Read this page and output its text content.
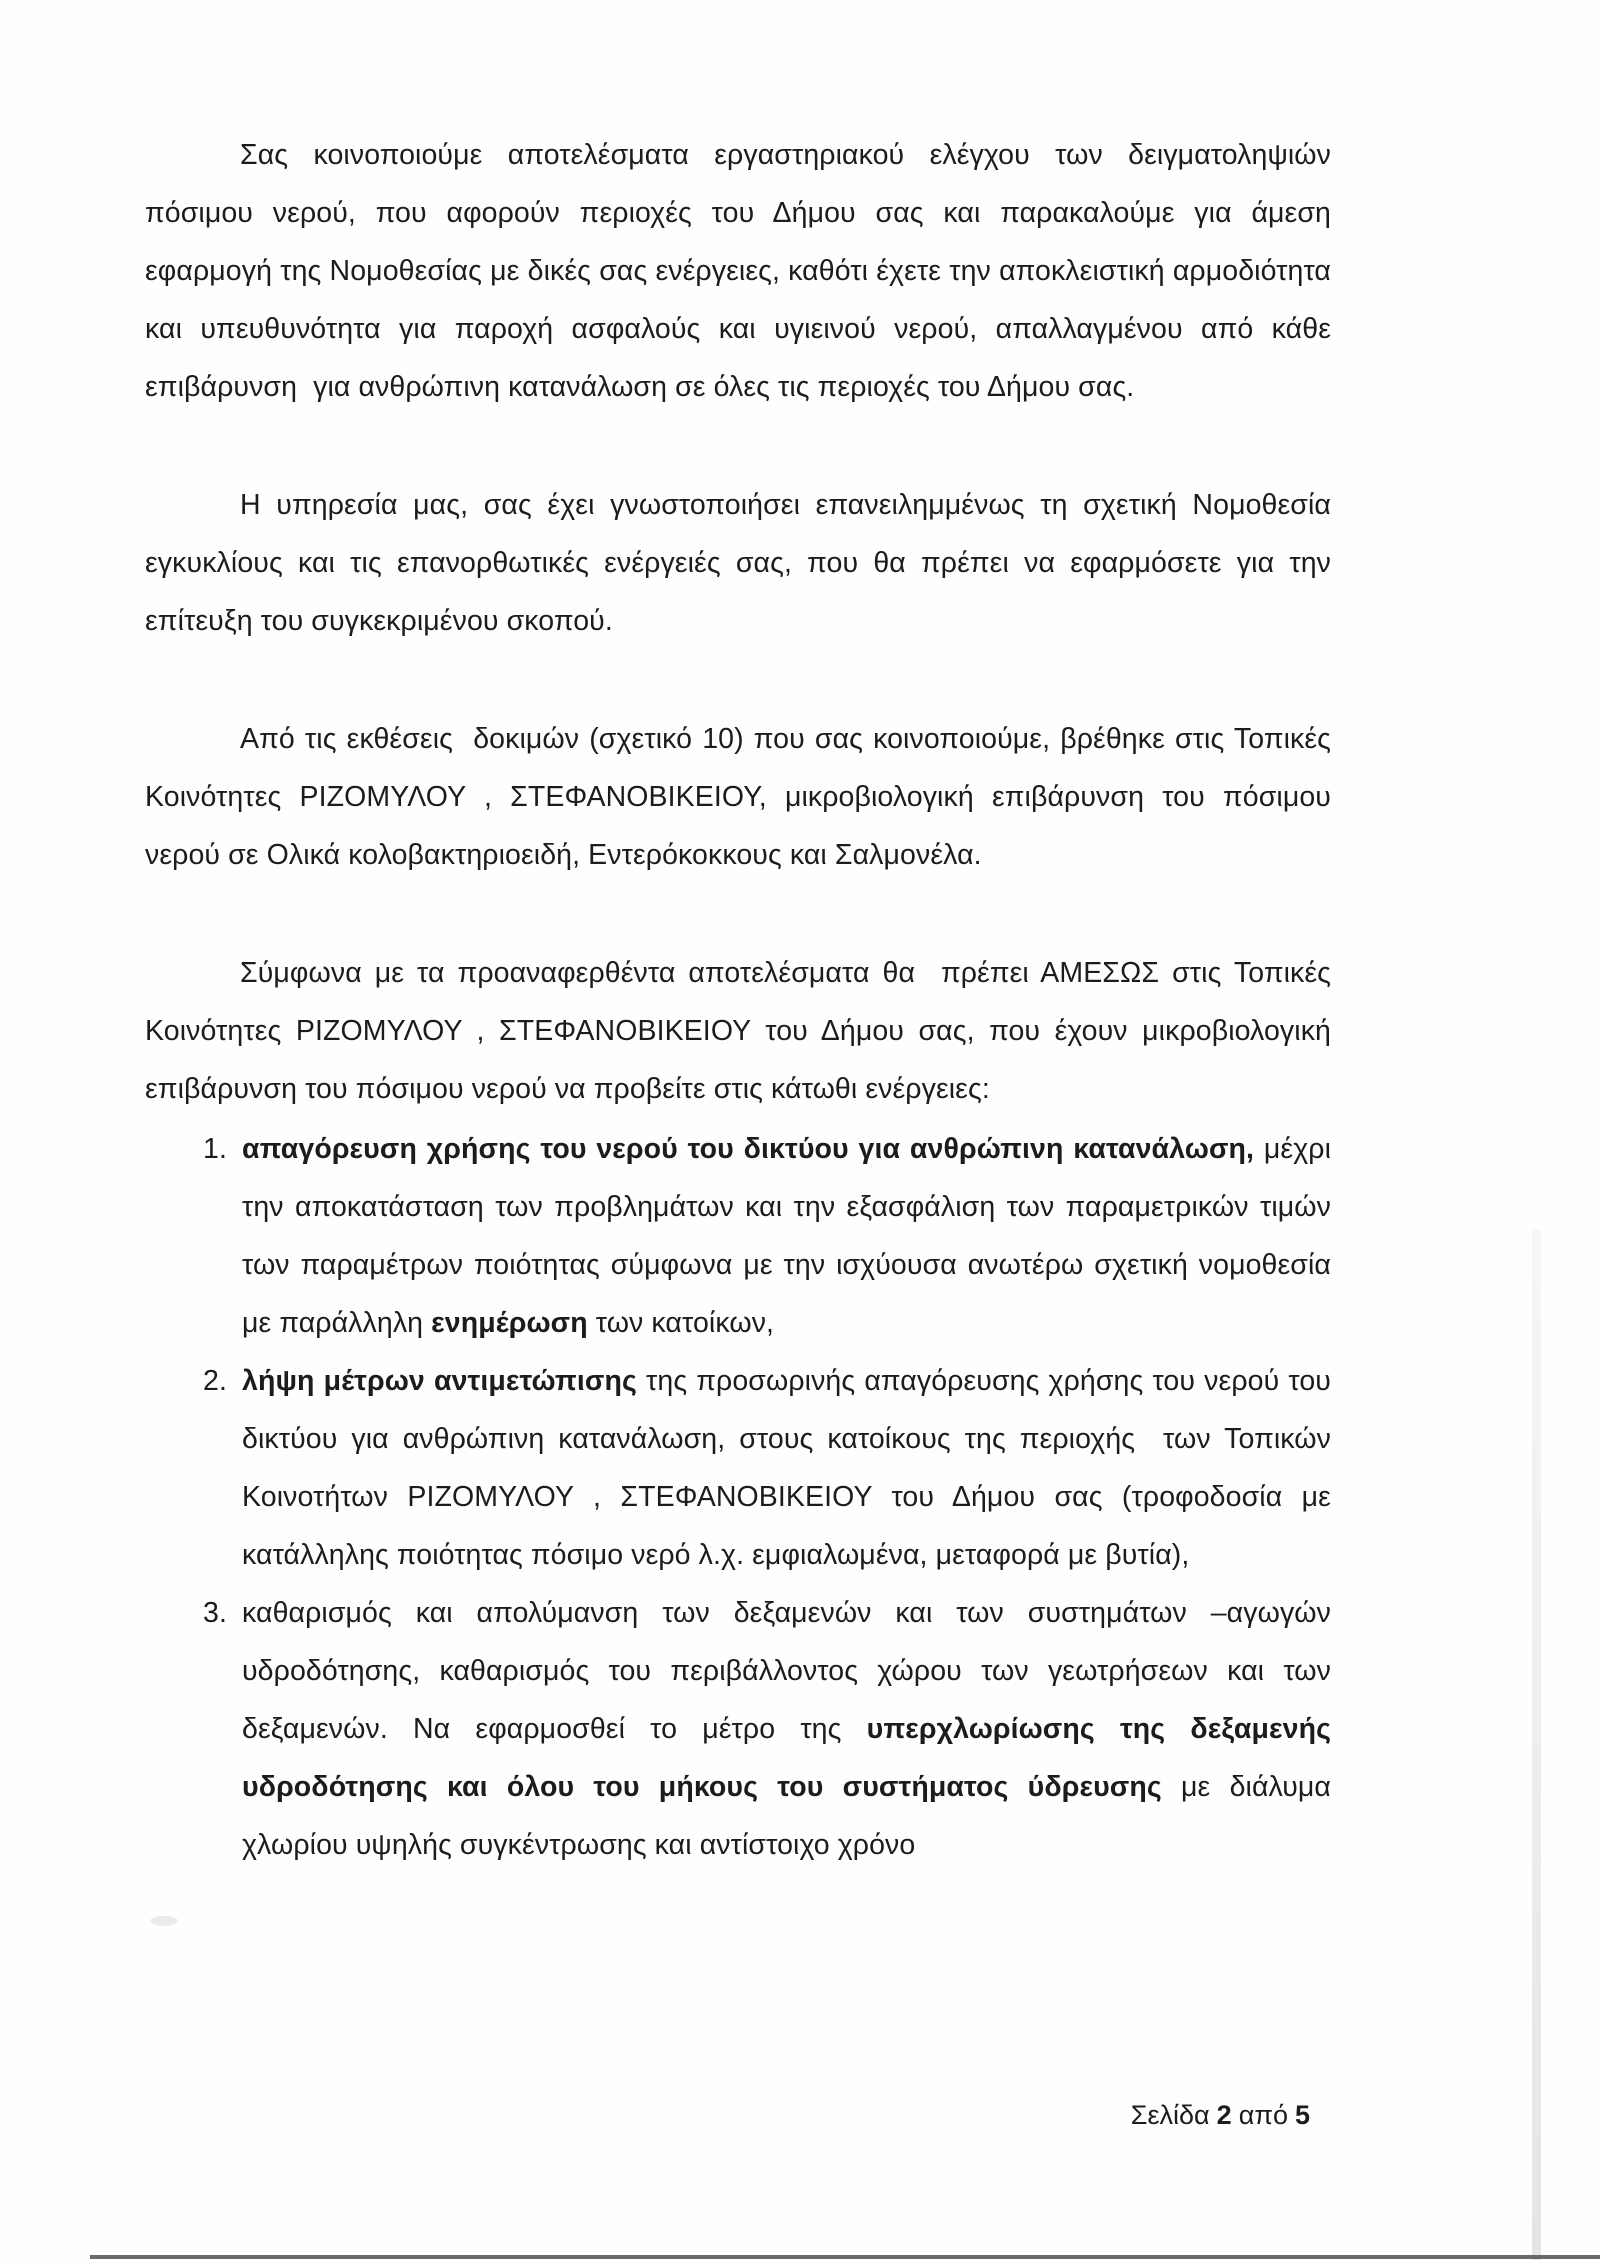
Σας κοινοποιούμε αποτελέσματα εργαστηριακού ελέγχου των δειγματοληψιών πόσιμου νερού, που αφορούν περιοχές του Δήμου σας και παρακαλούμε για άμεση εφαρμογή της Νομοθεσίας με δικές σας ενέργειες, καθότι έχετε την αποκλειστική αρμοδιότητα και υπευθυνότητα για παροχή ασφαλούς και υγιεινού νερού, απαλλαγμένου από κάθε επιβάρυνση  για ανθρώπινη κατανάλωση σε όλες τις περιοχές του Δήμου σας.

Η υπηρεσία μας, σας έχει γνωστοποιήσει επανειλημμένως τη σχετική Νομοθεσία εγκυκλίους και τις επανορθωτικές ενέργειές σας, που θα πρέπει να εφαρμόσετε για την επίτευξη του συγκεκριμένου σκοπού.

Από τις εκθέσεις  δοκιμών (σχετικό 10) που σας κοινοποιούμε, βρέθηκε στις Τοπικές Κοινότητες ΡΙΖΟΜΥΛΟΥ , ΣΤΕΦΑΝΟΒΙΚΕΙΟΥ, μικροβιολογική επιβάρυνση του πόσιμου νερού σε Ολικά κολοβακτηριοειδή, Εντερόκοκκους και Σαλμονέλα.

Σύμφωνα με τα προαναφερθέντα αποτελέσματα θα  πρέπει ΑΜΕΣΩΣ στις Τοπικές Κοινότητες ΡΙΖΟΜΥΛΟΥ , ΣΤΕΦΑΝΟΒΙΚΕΙΟΥ του Δήμου σας, που έχουν μικροβιολογική επιβάρυνση του πόσιμου νερού να προβείτε στις κάτωθι ενέργειες:

1. απαγόρευση χρήσης του νερού του δικτύου για ανθρώπινη κατανάλωση, μέχρι την αποκατάσταση των προβλημάτων και την εξασφάλιση των παραμετρικών τιμών των παραμέτρων ποιότητας σύμφωνα με την ισχύουσα ανωτέρω σχετική νομοθεσία με παράλληλη ενημέρωση των κατοίκων,
2. λήψη μέτρων αντιμετώπισης της προσωρινής απαγόρευσης χρήσης του νερού του δικτύου για ανθρώπινη κατανάλωση, στους κατοίκους της περιοχής  των Τοπικών Κοινοτήτων ΡΙΖΟΜΥΛΟΥ , ΣΤΕΦΑΝΟΒΙΚΕΙΟΥ του Δήμου σας (τροφοδοσία με κατάλληλης ποιότητας πόσιμο νερό λ.χ. εμφιαλωμένα, μεταφορά με βυτία),
3. καθαρισμός και απολύμανση των δεξαμενών και των συστημάτων –αγωγών υδροδότησης, καθαρισμός του περιβάλλοντος χώρου των γεωτρήσεων και των δεξαμενών. Να εφαρμοσθεί το μέτρο της υπερχλωρίωσης της δεξαμενής υδροδότησης και όλου του μήκους του συστήματος ύδρευσης με διάλυμα χλωρίου υψηλής συγκέντρωσης και αντίστοιχο χρόνο
Σελίδα 2 από 5
